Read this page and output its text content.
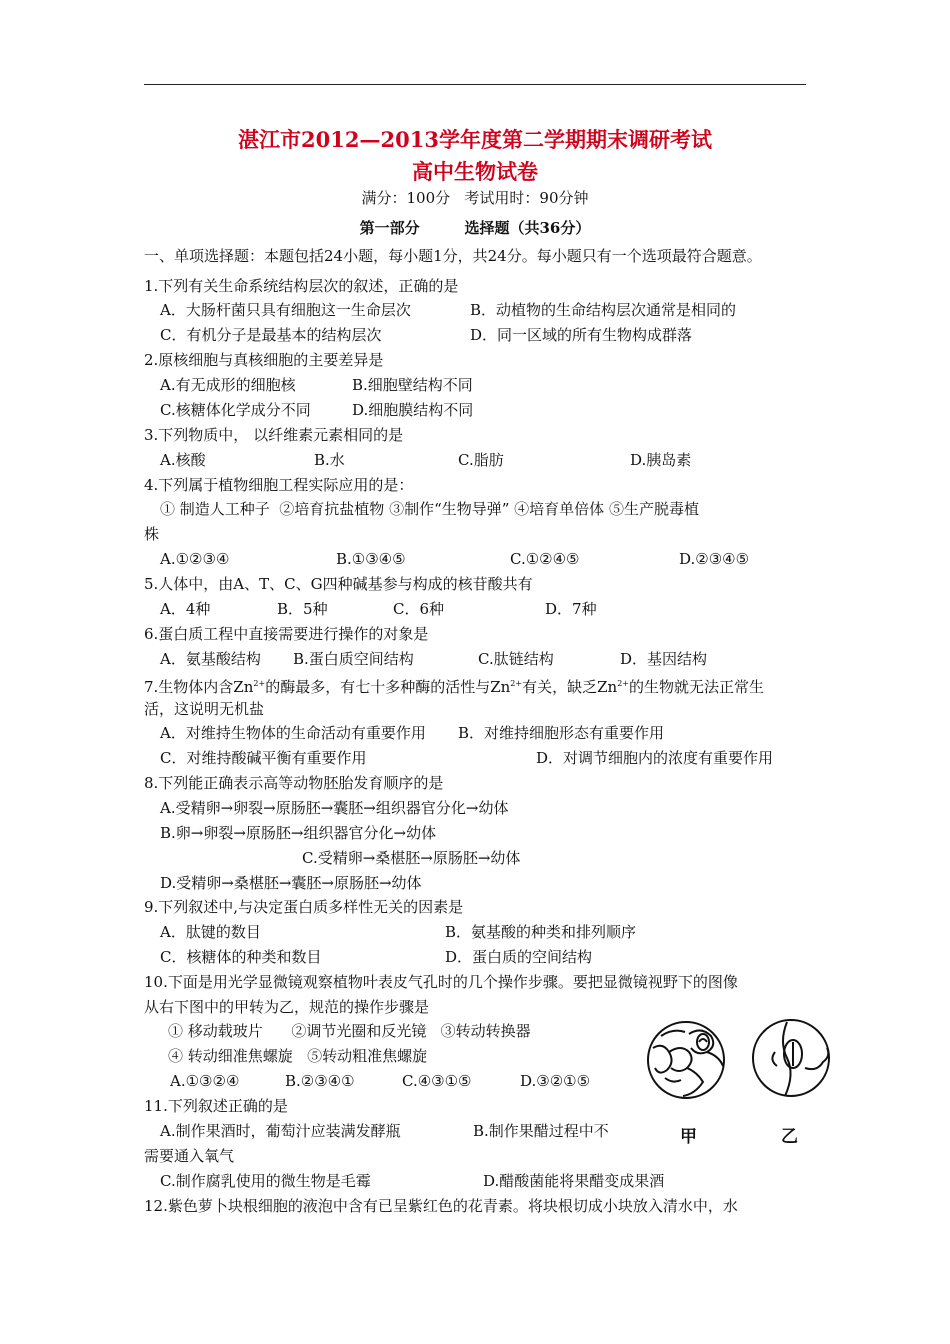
湛江市2012—2013学年度第二学期期末调研考试
高中生物试卷
满分：100分   考试用时：90分钟
第一部分    选择题（共36分）
一、单项选择题：本题包括24小题，每小题1分，共24分。每小题只有一个选项最符合题意。
1.下列有关生命系统结构层次的叙述，正确的是
A．大肠杆菌只具有细胞这一生命层次	B．动植物的生命结构层次通常是相同的
C．有机分子是最基本的结构层次	D．同一区域的所有生物构成群落
2.原核细胞与真核细胞的主要差异是
A.有无成形的细胞核	B.细胞壁结构不同
C.核糖体化学成分不同	D.细胞膜结构不同
3.下列物质中， 以纤维素元素相同的是
A.核酸	B.水	C.脂肪	D.胰岛素
4.下列属于植物细胞工程实际应用的是：
① 制造人工种子  ②培育抗盐植物 ③制作“生物导弹” ④培育单倍体 ⑤生产脱毒植
株
A.①②③④	B.①③④⑤	C.①②④⑤	D.②③④⑤
5.人体中，由A、T、C、G四种碱基参与构成的核苷酸共有
A．4种	B．5种	C．6种	D．7种
6.蛋白质工程中直接需要进行操作的对象是
A．氨基酸结构 B.蛋白质空间结构	C.肽链结构	D．基因结构
7.生物体内含$Zn^{2+}$的酶最多，有七十多种酶的活性与$Zn^{2+}$有关，缺乏$Zn^{2+}$的生物就无法正常生
活，这说明无机盐
A．对维持生物体的生命活动有重要作用 B．对维持细胞形态有重要作用
C．对维持酸碱平衡有重要作用	D．对调节细胞内的浓度有重要作用
8.下列能正确表示高等动物胚胎发育顺序的是
A.受精卵→卵裂→原肠胚→囊胚→组织器官分化→幼体
B.卵→卵裂→原肠胚→组织器官分化→幼体
C.受精卵→桑椹胚→原肠胚→幼体
D.受精卵→桑椹胚→囊胚→原肠胚→幼体
9.下列叙述中,与决定蛋白质多样性无关的因素是
A．肽键的数目	B．氨基酸的种类和排列顺序
C．核糖体的种类和数目	D．蛋白质的空间结构
10.下面是用光学显微镜观察植物叶表皮气孔时的几个操作步骤。要把显微镜视野下的图像
从右下图中的甲转为乙，规范的操作步骤是
① 移动载玻片      ②调节光圈和反光镜   ③转动转换器
④ 转动细准焦螺旋   ⑤转动粗准焦螺旋
A.①③②④	B.②③④①	C.④③①⑤	D.③②①⑤
甲	乙
11.下列叙述正确的是
A.制作果酒时，葡萄汁应装满发酵瓶	B.制作果醋过程中不
需要通入氧气
C.制作腐乳使用的微生物是毛霉	D.醋酸菌能将果醋变成果酒
12.紫色萝卜块根细胞的液泡中含有已呈紫红色的花青素。将块根切成小块放入清水中，水
